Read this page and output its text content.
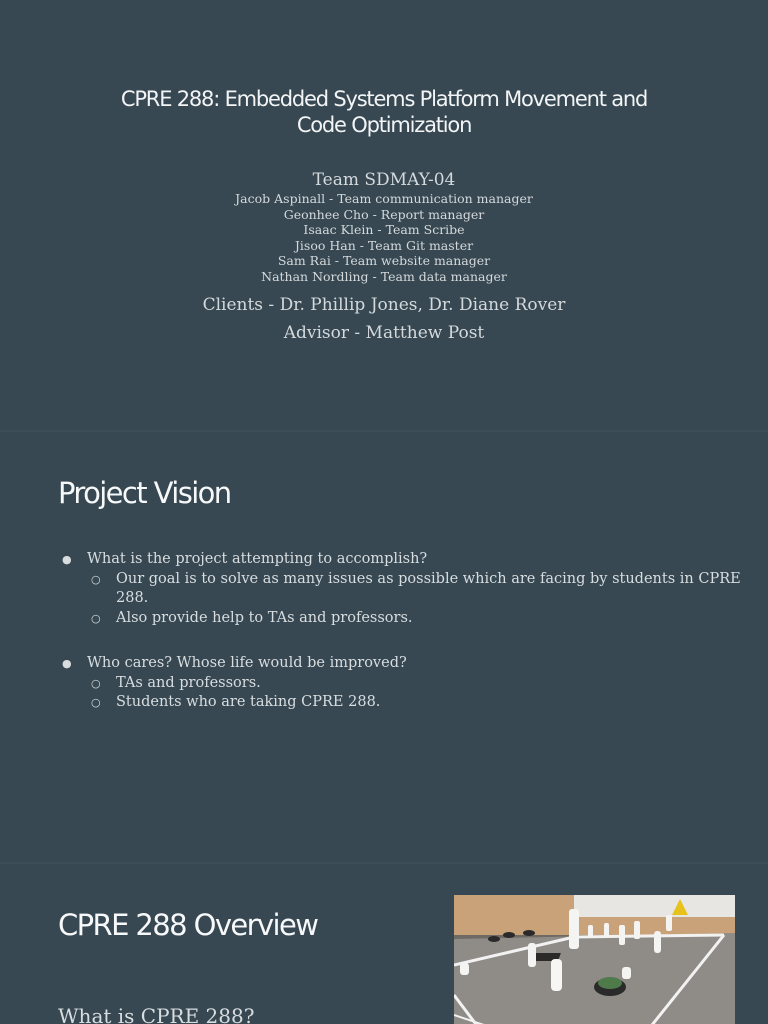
CPRE 288: Embedded Systems Platform Movement and Code Optimization
Team SDMAY-04
Jacob Aspinall - Team communication manager
Geonhee Cho - Report manager
Isaac Klein - Team Scribe
Jisoo Han - Team Git master
Sam Rai - Team website manager
Nathan Nordling - Team data manager
Clients - Dr. Phillip Jones, Dr. Diane Rover
Advisor - Matthew Post
Project Vision
● What is the project attempting to accomplish?
○ Our goal is to solve as many issues as possible which are facing by students in CPRE 288.
○ Also provide help to TAs and professors.
● Who cares? Whose life would be improved?
○ TAs and professors.
○ Students who are taking CPRE 288.
CPRE 288 Overview
What is CPRE 288?
